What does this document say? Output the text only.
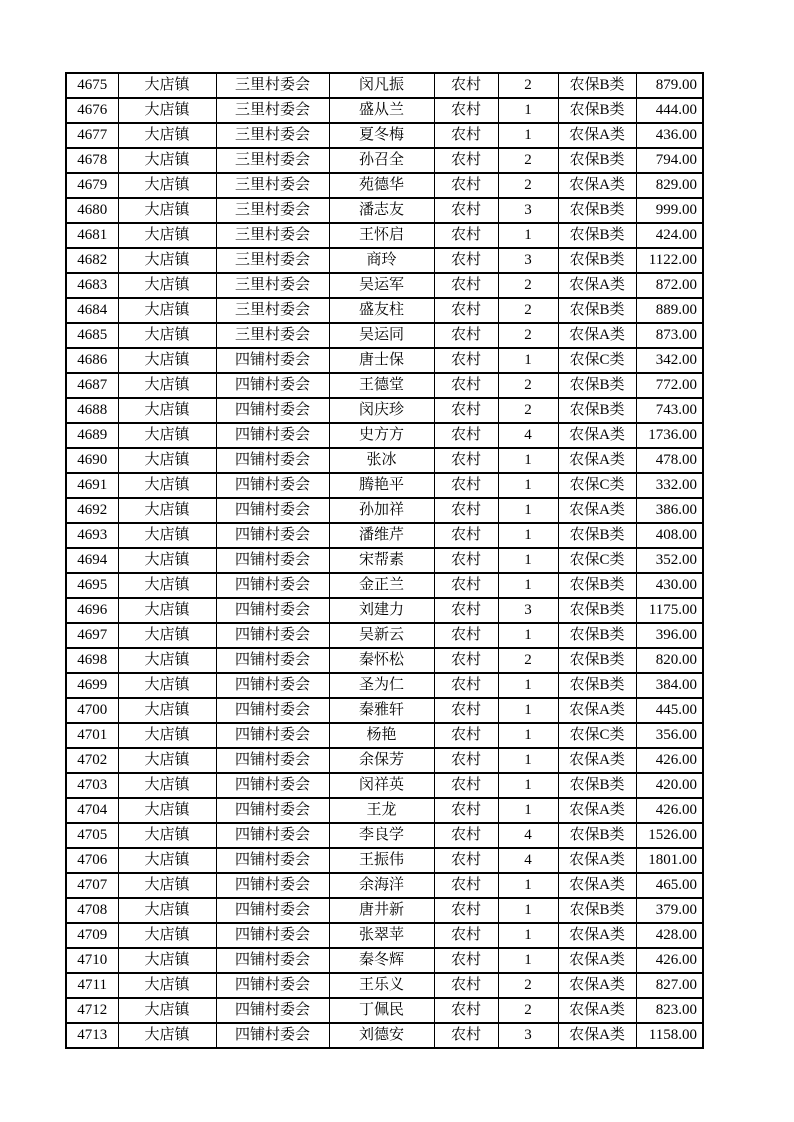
4675	大店镇	三里村委会	闵凡振	农村	2	农保B类	879.00
4676	大店镇	三里村委会	盛从兰	农村	1	农保B类	444.00
4677	大店镇	三里村委会	夏冬梅	农村	1	农保A类	436.00
4678	大店镇	三里村委会	孙召全	农村	2	农保B类	794.00
4679	大店镇	三里村委会	苑德华	农村	2	农保A类	829.00
4680	大店镇	三里村委会	潘志友	农村	3	农保B类	999.00
4681	大店镇	三里村委会	王怀启	农村	1	农保B类	424.00
4682	大店镇	三里村委会	商玲	农村	3	农保B类	1122.00
4683	大店镇	三里村委会	吴运军	农村	2	农保A类	872.00
4684	大店镇	三里村委会	盛友柱	农村	2	农保B类	889.00
4685	大店镇	三里村委会	吴运同	农村	2	农保A类	873.00
4686	大店镇	四铺村委会	唐士保	农村	1	农保C类	342.00
4687	大店镇	四铺村委会	王德堂	农村	2	农保B类	772.00
4688	大店镇	四铺村委会	闵庆珍	农村	2	农保B类	743.00
4689	大店镇	四铺村委会	史方方	农村	4	农保A类	1736.00
4690	大店镇	四铺村委会	张冰	农村	1	农保A类	478.00
4691	大店镇	四铺村委会	腾艳平	农村	1	农保C类	332.00
4692	大店镇	四铺村委会	孙加祥	农村	1	农保A类	386.00
4693	大店镇	四铺村委会	潘维芹	农村	1	农保B类	408.00
4694	大店镇	四铺村委会	宋帮素	农村	1	农保C类	352.00
4695	大店镇	四铺村委会	金正兰	农村	1	农保B类	430.00
4696	大店镇	四铺村委会	刘建力	农村	3	农保B类	1175.00
4697	大店镇	四铺村委会	吴新云	农村	1	农保B类	396.00
4698	大店镇	四铺村委会	秦怀松	农村	2	农保B类	820.00
4699	大店镇	四铺村委会	圣为仁	农村	1	农保B类	384.00
4700	大店镇	四铺村委会	秦雅轩	农村	1	农保A类	445.00
4701	大店镇	四铺村委会	杨艳	农村	1	农保C类	356.00
4702	大店镇	四铺村委会	余保芳	农村	1	农保A类	426.00
4703	大店镇	四铺村委会	闵祥英	农村	1	农保B类	420.00
4704	大店镇	四铺村委会	王龙	农村	1	农保A类	426.00
4705	大店镇	四铺村委会	李良学	农村	4	农保B类	1526.00
4706	大店镇	四铺村委会	王振伟	农村	4	农保A类	1801.00
4707	大店镇	四铺村委会	余海洋	农村	1	农保A类	465.00
4708	大店镇	四铺村委会	唐井新	农村	1	农保B类	379.00
4709	大店镇	四铺村委会	张翠苹	农村	1	农保A类	428.00
4710	大店镇	四铺村委会	秦冬辉	农村	1	农保A类	426.00
4711	大店镇	四铺村委会	王乐义	农村	2	农保A类	827.00
4712	大店镇	四铺村委会	丁佩民	农村	2	农保A类	823.00
4713	大店镇	四铺村委会	刘德安	农村	3	农保A类	1158.00
